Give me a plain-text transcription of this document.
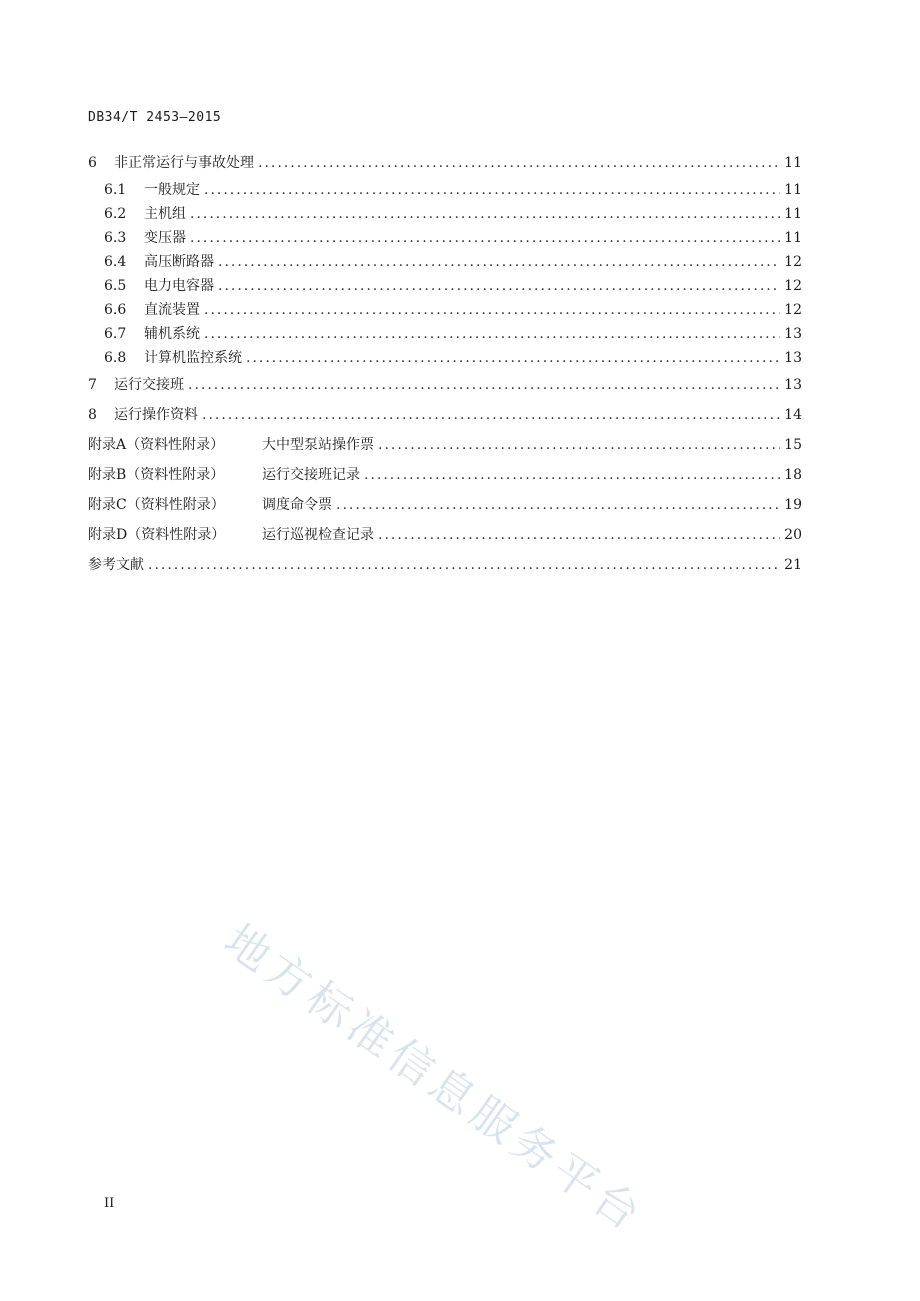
DB34/T 2453—2015
6	非正常运行与事故处理 .....	11
6.1	一般规定 .....	11
6.2	主机组 .....	11
6.3	变压器 .....	11
6.4	高压断路器 .....	12
6.5	电力电容器 .....	12
6.6	直流装置 .....	12
6.7	辅机系统 .....	13
6.8	计算机监控系统 .....	13
7	运行交接班 .....	13
8	运行操作资料 .....	14
附录A（资料性附录）	大中型泵站操作票 .....	15
附录B（资料性附录）	运行交接班记录 .....	18
附录C（资料性附录）	调度命令票 .....	19
附录D（资料性附录）	运行巡视检查记录 .....	20
参考文献 .....	21
地方标准信息服务平台
II
